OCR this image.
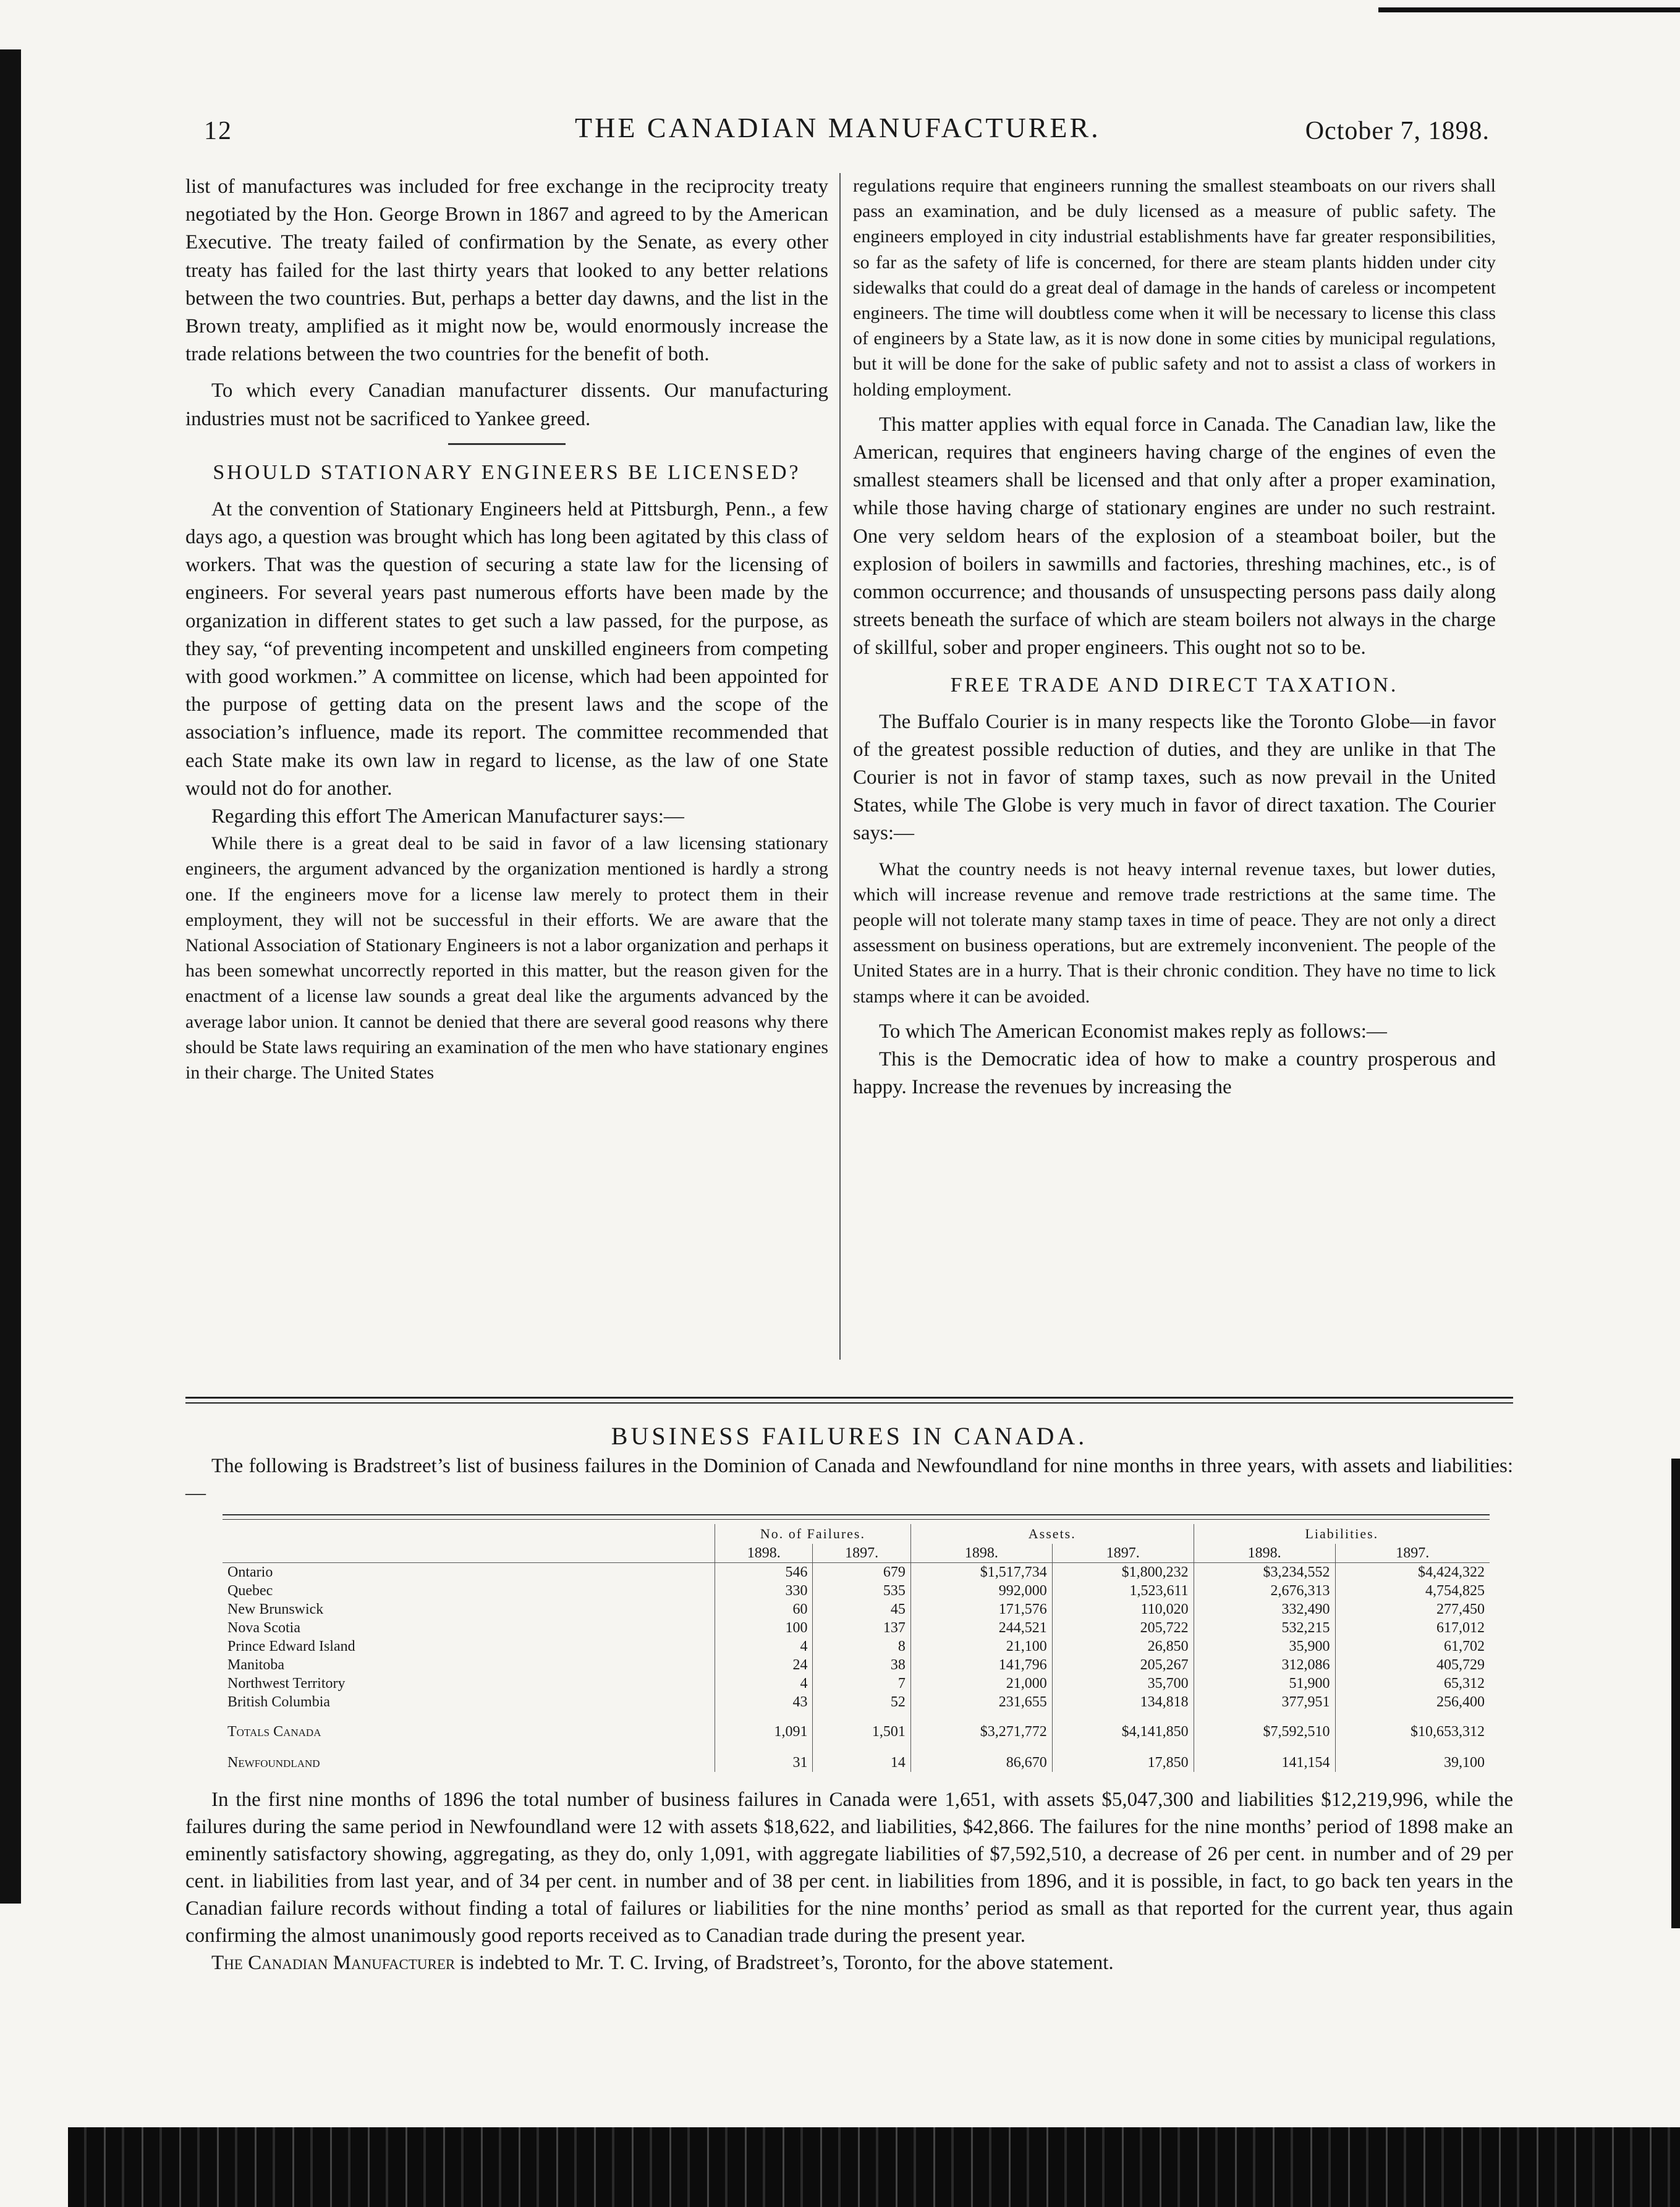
12	THE CANADIAN MANUFACTURER.	October 7, 1898.

list of manufactures was included for free exchange in the reciprocity treaty negotiated by the Hon. George Brown in 1867 and agreed to by the American Executive. The treaty failed of confirmation by the Senate, as every other treaty has failed for the last thirty years that looked to any better relations between the two countries. But, perhaps a better day dawns, and the list in the Brown treaty, amplified as it might now be, would enormously increase the trade relations between the two countries for the benefit of both.

To which every Canadian manufacturer dissents. Our manufacturing industries must not be sacrificed to Yankee greed.

SHOULD STATIONARY ENGINEERS BE LICENSED?

At the convention of Stationary Engineers held at Pittsburgh, Penn., a few days ago, a question was brought which has long been agitated by this class of workers. That was the question of securing a state law for the licensing of engineers. For several years past numerous efforts have been made by the organization in different states to get such a law passed, for the purpose, as they say, “of preventing incompetent and unskilled engineers from competing with good workmen.” A committee on license, which had been appointed for the purpose of getting data on the present laws and the scope of the association’s influence, made its report. The committee recommended that each State make its own law in regard to license, as the law of one State would not do for another.

Regarding this effort The American Manufacturer says:—

While there is a great deal to be said in favor of a law licensing stationary engineers, the argument advanced by the organization mentioned is hardly a strong one. If the engineers move for a license law merely to protect them in their employment, they will not be successful in their efforts. We are aware that the National Association of Stationary Engineers is not a labor organization and perhaps it has been somewhat uncorrectly reported in this matter, but the reason given for the enactment of a license law sounds a great deal like the arguments advanced by the average labor union. It cannot be denied that there are several good reasons why there should be State laws requiring an examination of the men who have stationary engines in their charge. The United States

regulations require that engineers running the smallest steamboats on our rivers shall pass an examination, and be duly licensed as a measure of public safety. The engineers employed in city industrial establishments have far greater responsibilities, so far as the safety of life is concerned, for there are steam plants hidden under city sidewalks that could do a great deal of damage in the hands of careless or incompetent engineers. The time will doubtless come when it will be necessary to license this class of engineers by a State law, as it is now done in some cities by municipal regulations, but it will be done for the sake of public safety and not to assist a class of workers in holding employment.

This matter applies with equal force in Canada. The Canadian law, like the American, requires that engineers having charge of the engines of even the smallest steamers shall be licensed and that only after a proper examination, while those having charge of stationary engines are under no such restraint. One very seldom hears of the explosion of a steamboat boiler, but the explosion of boilers in sawmills and factories, threshing machines, etc., is of common occurrence; and thousands of unsuspecting persons pass daily along streets beneath the surface of which are steam boilers not always in the charge of skillful, sober and proper engineers. This ought not so to be.

FREE TRADE AND DIRECT TAXATION.

The Buffalo Courier is in many respects like the Toronto Globe—in favor of the greatest possible reduction of duties, and they are unlike in that The Courier is not in favor of stamp taxes, such as now prevail in the United States, while The Globe is very much in favor of direct taxation. The Courier says:—

What the country needs is not heavy internal revenue taxes, but lower duties, which will increase revenue and remove trade restrictions at the same time. The people will not tolerate many stamp taxes in time of peace. They are not only a direct assessment on business operations, but are extremely inconvenient. The people of the United States are in a hurry. That is their chronic condition. They have no time to lick stamps where it can be avoided.

To which The American Economist makes reply as follows:—

This is the Democratic idea of how to make a country prosperous and happy. Increase the revenues by increasing the

BUSINESS FAILURES IN CANADA.

The following is Bradstreet’s list of business failures in the Dominion of Canada and Newfoundland for nine months in three years, with assets and liabilities:—

	No. of Failures.		Assets.		Liabilities.	
	1898.	1897.	1898.	1897.	1898.	1897.
Ontario	546	679	$1,517,734	$1,800,232	$3,234,552	$4,424,322
Quebec	330	535	992,000	1,523,611	2,676,313	4,754,825
New Brunswick	60	45	171,576	110,020	332,490	277,450
Nova Scotia	100	137	244,521	205,722	532,215	617,012
Prince Edward Island	4	8	21,100	26,850	35,900	61,702
Manitoba	24	38	141,796	205,267	312,086	405,729
Northwest Territory	4	7	21,000	35,700	51,900	65,312
British Columbia	43	52	231,655	134,818	377,951	256,400
Totals Canada	1,091	1,501	$3,271,772	$4,141,850	$7,592,510	$10,653,312
Newfoundland	31	14	86,670	17,850	141,154	39,100

In the first nine months of 1896 the total number of business failures in Canada were 1,651, with assets $5,047,300 and liabilities $12,219,996, while the failures during the same period in Newfoundland were 12 with assets $18,622, and liabilities, $42,866. The failures for the nine months’ period of 1898 make an eminently satisfactory showing, aggregating, as they do, only 1,091, with aggregate liabilities of $7,592,510, a decrease of 26 per cent. in number and of 29 per cent. in liabilities from last year, and of 34 per cent. in number and of 38 per cent. in liabilities from 1896, and it is possible, in fact, to go back ten years in the Canadian failure records without finding a total of failures or liabilities for the nine months’ period as small as that reported for the current year, thus again confirming the almost unanimously good reports received as to Canadian trade during the present year.

The Canadian Manufacturer is indebted to Mr. T. C. Irving, of Bradstreet’s, Toronto, for the above statement.
